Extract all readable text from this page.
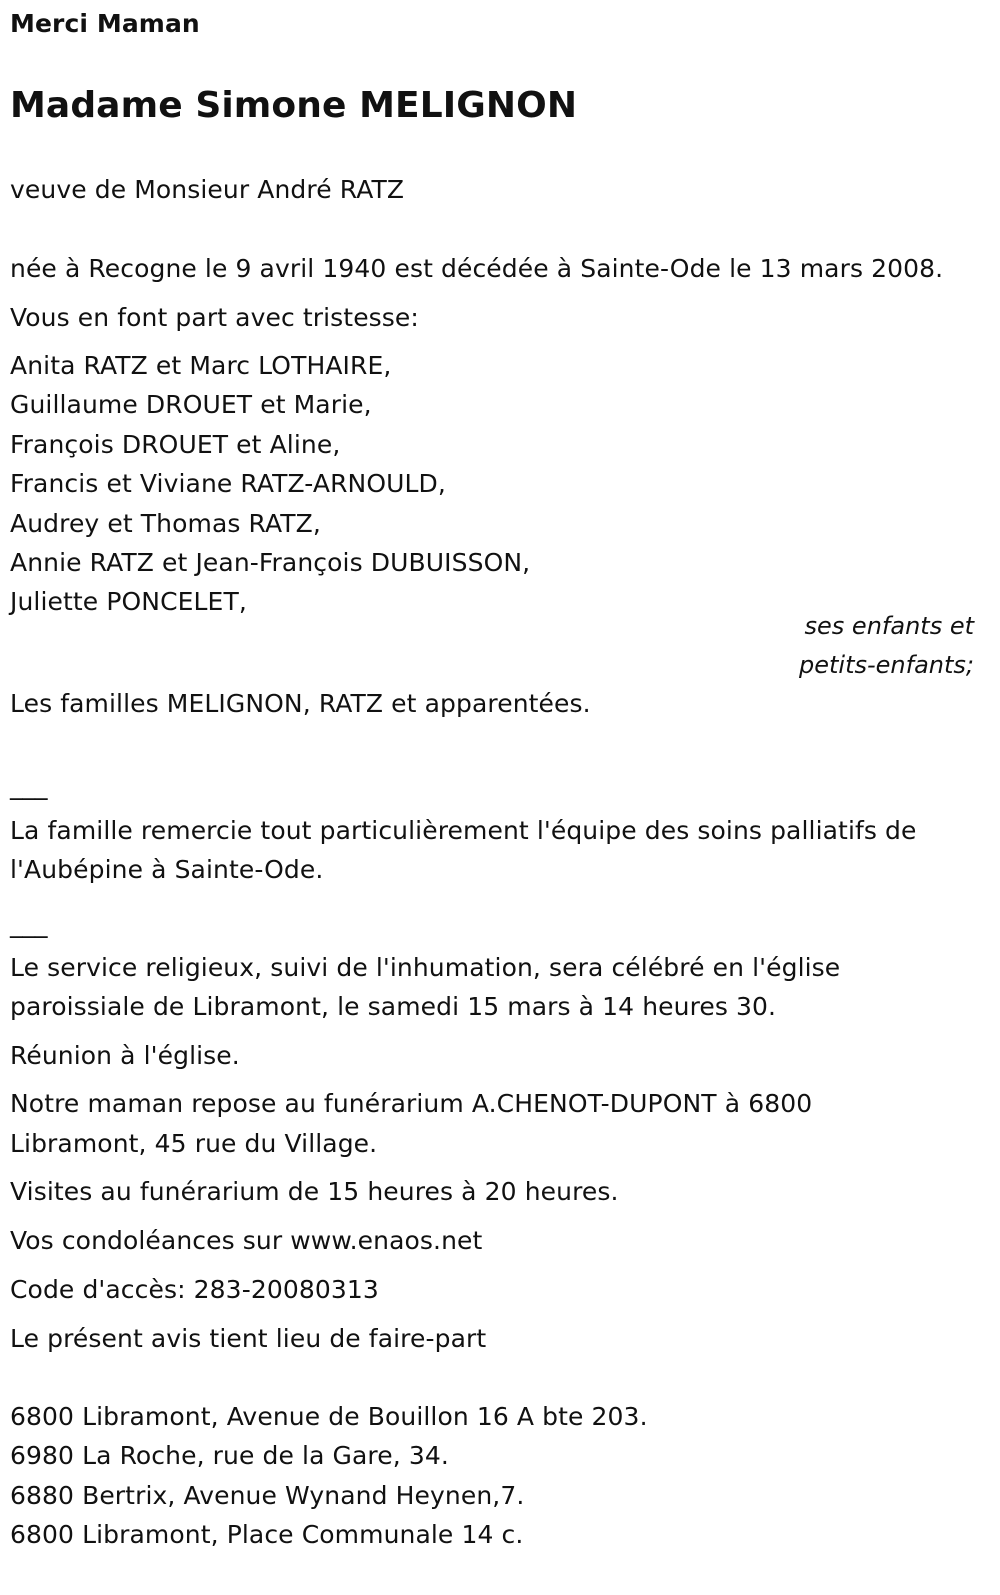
Merci Maman
Madame Simone MELIGNON
veuve de Monsieur André RATZ
née à Recogne le 9 avril 1940 est décédée à Sainte-Ode le 13 mars 2008.
Vous en font part avec tristesse:
Anita RATZ et Marc LOTHAIRE,
Guillaume DROUET et Marie,
François DROUET et Aline,
Francis et Viviane RATZ-ARNOULD,
Audrey et Thomas RATZ,
Annie RATZ et Jean-François DUBUISSON,
Juliette PONCELET,
ses enfants et
petits-enfants;
Les familles MELIGNON, RATZ et apparentées.
___
La famille remercie tout particulièrement l'équipe des soins palliatifs de
l'Aubépine à Sainte-Ode.
___
Le service religieux, suivi de l'inhumation, sera célébré en l'église
paroissiale de Libramont, le samedi 15 mars à 14 heures 30.
Réunion à l'église.
Notre maman repose au funérarium A.CHENOT-DUPONT à 6800
Libramont, 45 rue du Village.
Visites au funérarium de 15 heures à 20 heures.
Vos condoléances sur www.enaos.net
Code d'accès: 283-20080313
Le présent avis tient lieu de faire-part
6800 Libramont, Avenue de Bouillon 16 A bte 203.
6980 La Roche, rue de la Gare, 34.
6880 Bertrix, Avenue Wynand Heynen,7.
6800 Libramont, Place Communale 14 c.
